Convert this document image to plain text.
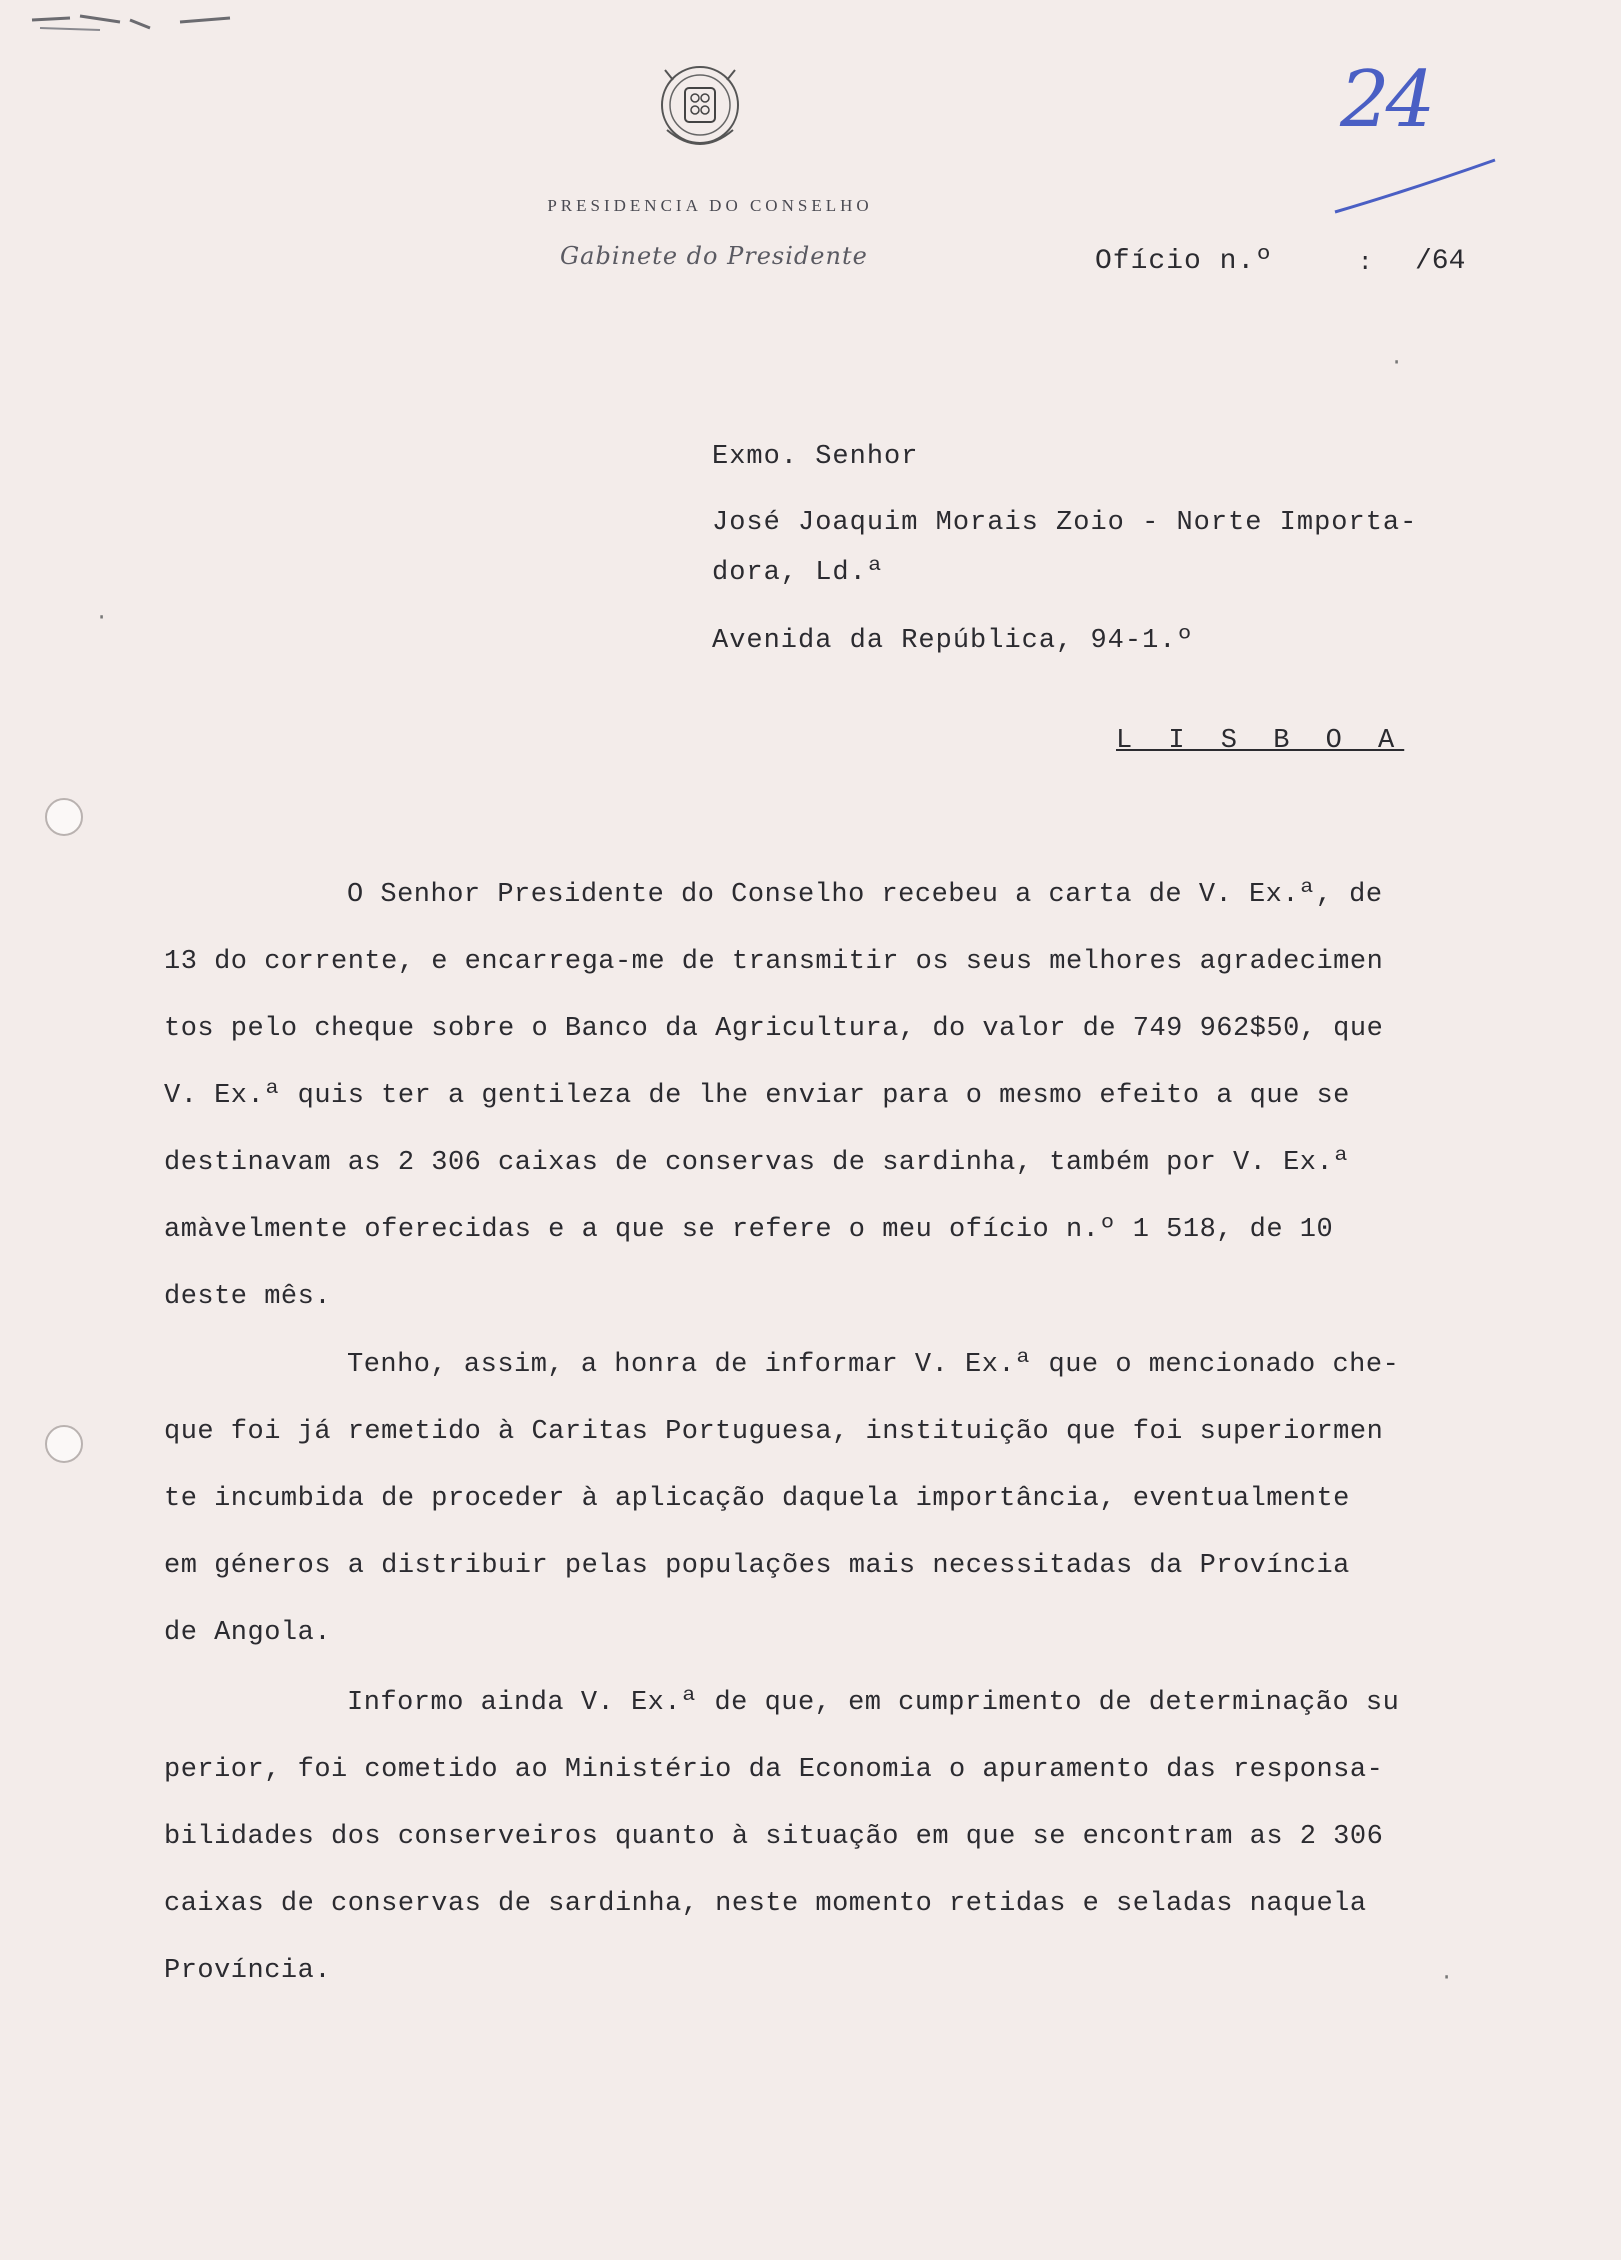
PRESIDENCIA DO CONSELHO
Gabinete do Presidente
24
Ofício n.º	: /64
Exmo. Senhor
José Joaquim Morais Zoio - Norte Importa-
dora, Ld.ª
Avenida da República, 94-1.º
L I S B O A
O Senhor Presidente do Conselho recebeu a carta de V. Ex.ª, de
13 do corrente, e encarrega-me de transmitir os seus melhores agradecimen
tos pelo cheque sobre o Banco da Agricultura, do valor de 749 962$50, que
V. Ex.ª quis ter a gentileza de lhe enviar para o mesmo efeito a que se
destinavam as 2 306 caixas de conservas de sardinha, também por V. Ex.ª
amàvelmente oferecidas e a que se refere o meu ofício n.º 1 518, de 10
deste mês.
Tenho, assim, a honra de informar V. Ex.ª que o mencionado che-
que foi já remetido à Caritas Portuguesa, instituição que foi superiormen
te incumbida de proceder à aplicação daquela importância, eventualmente
em géneros a distribuir pelas populações mais necessitadas da Província
de Angola.
Informo ainda V. Ex.ª de que, em cumprimento de determinação su
perior, foi cometido ao Ministério da Economia o apuramento das responsa-
bilidades dos conserveiros quanto à situação em que se encontram as 2 306
caixas de conservas de sardinha, neste momento retidas e seladas naquela
Província.
·
·
·
